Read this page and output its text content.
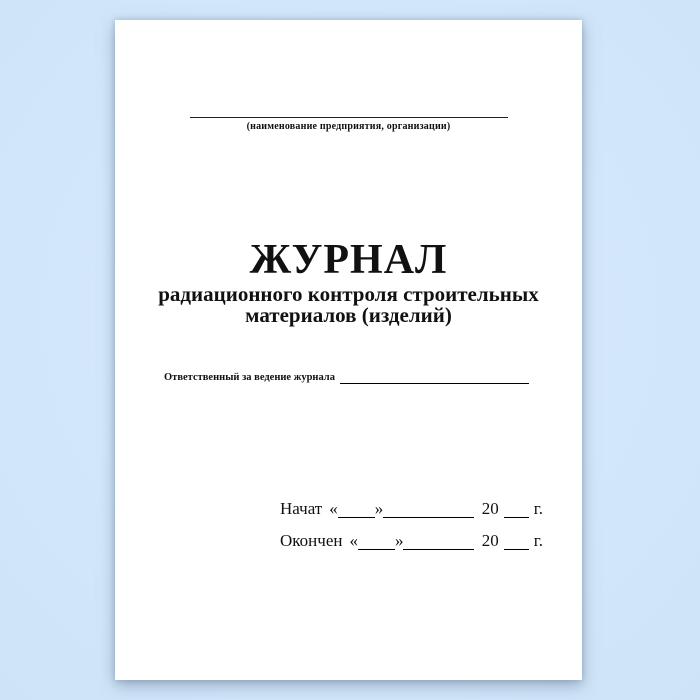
(наименование предприятия, организации)
ЖУРНАЛ
радиационного контроля строительных
материалов (изделий)
Ответственный за ведение журнала
Начат « »	20 г.
Окончен « »	20 г.
